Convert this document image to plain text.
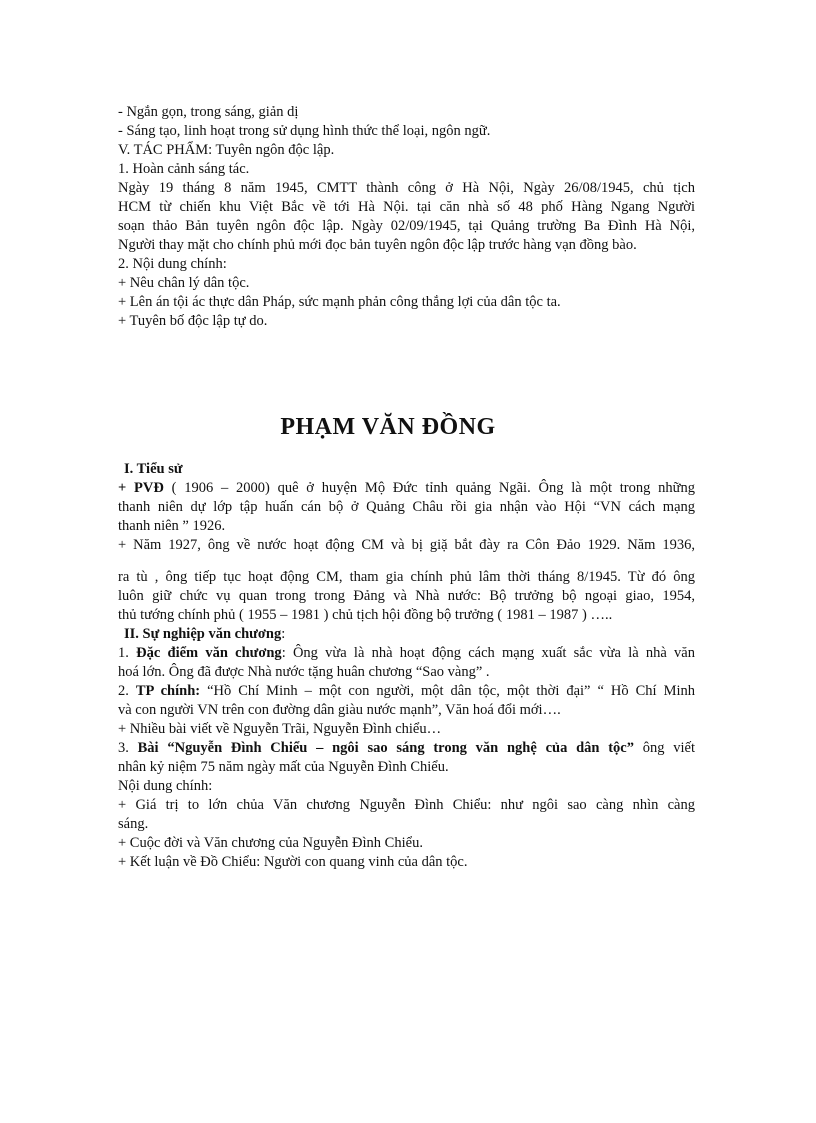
- Ngắn gọn, trong sáng, giản dị
- Sáng tạo, linh hoạt trong sử dụng hình thức thể loại, ngôn ngữ.
V. TÁC PHẨM: Tuyên ngôn độc lập.
1. Hoàn cảnh sáng tác.
Ngày 19 tháng 8 năm 1945, CMTT thành công ở Hà Nội, Ngày 26/08/1945, chủ tịch
HCM từ chiến khu Việt Bắc về tới Hà Nội. tại căn nhà số 48 phố Hàng Ngang Người
soạn thảo Bản tuyên ngôn độc lập. Ngày 02/09/1945, tại Quảng trường Ba Đình Hà Nội,
Người thay mặt cho chính phủ mới đọc bản tuyên ngôn độc lập trước hàng vạn đồng bào.
2. Nội dung chính:
+ Nêu chân lý dân tộc.
+ Lên án tội ác thực dân Pháp, sức mạnh phản công thắng lợi của dân tộc ta.
+ Tuyên bố độc lập tự do.
PHẠM VĂN ĐỒNG
I. Tiểu sử
+ PVĐ ( 1906 – 2000) quê ở huyện Mộ Đức tỉnh quảng Ngãi. Ông là một trong những
thanh niên dự lớp tập huấn cán bộ ở Quảng Châu rồi gia nhận vào Hội “VN cách mạng
thanh niên ” 1926.
+ Năm 1927, ông về nước hoạt động CM và bị giặ bắt đày ra Côn Đảo 1929. Năm 1936,
ra tù , ông tiếp tục hoạt động CM, tham gia chính phủ lâm thời tháng 8/1945. Từ đó ông
luôn giữ chức vụ quan trong trong Đảng và Nhà nước: Bộ trưởng bộ ngoại giao, 1954,
thủ tướng chính phủ ( 1955 – 1981 ) chủ tịch hội đồng bộ trưởng ( 1981 – 1987 ) …..
II. Sự nghiệp văn chương:
1. Đặc điểm văn chương: Ông vừa là nhà hoạt động cách mạng xuất sắc vừa là nhà văn
hoá lớn. Ông đã được Nhà nước tặng huân chương “Sao vàng” .
2. TP chính: “Hồ Chí Minh – một con người, một dân tộc, một thời đại” “ Hồ Chí Minh
và con người VN trên con đường dân giàu nước mạnh”, Văn hoá đổi mới….
+ Nhiều bài viết về Nguyễn Trãi, Nguyễn Đình chiểu…
3. Bài “Nguyễn Đình Chiểu – ngôi sao sáng trong văn nghệ của dân tộc” ông viết
nhân kỷ niệm 75 năm ngày mất của Nguyễn Đình Chiểu.
Nội dung chính:
+ Giá trị to lớn chủa Văn chương Nguyễn Đình Chiểu: như ngôi sao càng nhìn càng
sáng.
+ Cuộc đời và Văn chương của Nguyễn Đình Chiểu.
+ Kết luận về Đồ Chiểu: Người con quang vinh của dân tộc.
